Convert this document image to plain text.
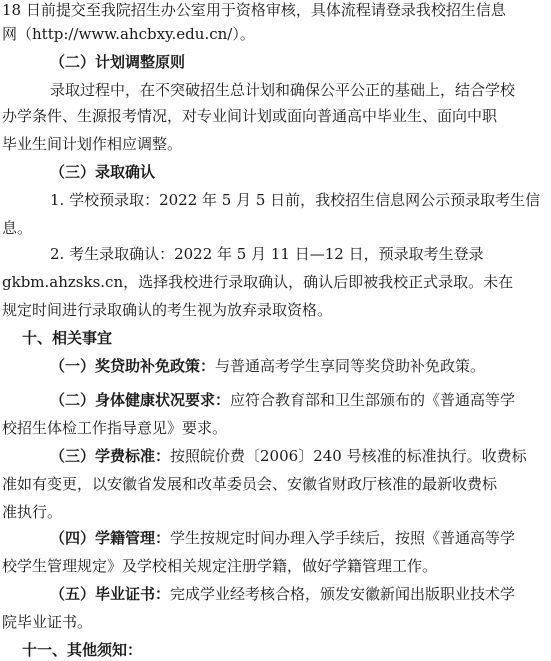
18 日前提交至我院招生办公室用于资格审核，具体流程请登录我校招生信息
网（http://www.ahcbxy.edu.cn/）。
（二）计划调整原则
录取过程中，在不突破招生总计划和确保公平公正的基础上，结合学校
办学条件、生源报考情况，对专业间计划或面向普通高中毕业生、面向中职
毕业生间计划作相应调整。
（三）录取确认
1. 学校预录取：2022 年 5 月 5 日前，我校招生信息网公示预录取考生信
息。
2. 考生录取确认：2022 年 5 月 11 日—12 日，预录取考生登录
gkbm.ahzsks.cn，选择我校进行录取确认，确认后即被我校正式录取。未在
规定时间进行录取确认的考生视为放弃录取资格。
十、相关事宜
（一）奖贷助补免政策：与普通高考学生享同等奖贷助补免政策。
（二）身体健康状况要求：应符合教育部和卫生部颁布的《普通高等学
校招生体检工作指导意见》要求。
（三）学费标准：按照皖价费〔2006〕240 号核准的标准执行。收费标
准如有变更，以安徽省发展和改革委员会、安徽省财政厅核准的最新收费标
准执行。
（四）学籍管理：学生按规定时间办理入学手续后，按照《普通高等学
校学生管理规定》及学校相关规定注册学籍，做好学籍管理工作。
（五）毕业证书：完成学业经考核合格，颁发安徽新闻出版职业技术学
院毕业证书。
十一、其他须知：
